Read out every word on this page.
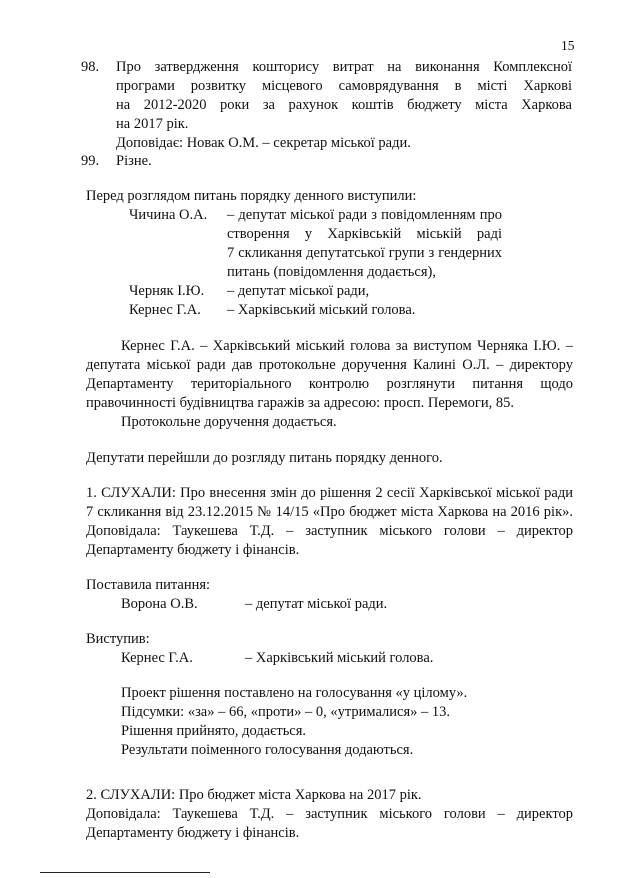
15
98. Про затвердження кошторису витрат на виконання Комплексної
програми розвитку місцевого самоврядування в місті Харкові
на 2012-2020 роки за рахунок коштів бюджету міста Харкова
на 2017 рік.
Доповідає: Новак О.М. – секретар міської ради.
99. Різне.
Перед розглядом питань порядку денного виступили:
Чичина О.А. – депутат міської ради з повідомленням про
створення у Харківській міській раді
7 скликання депутатської групи з гендерних
питань (повідомлення додається),
Черняк І.Ю. – депутат міської ради,
Кернес Г.А. – Харківський міський голова.
Кернес Г.А. – Харківський міський голова за виступом Черняка І.Ю. –
депутата міської ради дав протокольне доручення Калині О.Л. – директору
Департаменту територіального контролю розглянути питання щодо
правочинності будівництва гаражів за адресою: просп. Перемоги, 85.
Протокольне доручення додається.
Депутати перейшли до розгляду питань порядку денного.
1. СЛУХАЛИ: Про внесення змін до рішення 2 сесії Харківської міської ради
7 скликання від 23.12.2015 № 14/15 «Про бюджет міста Харкова на 2016 рік».
Доповідала: Таукешева Т.Д. – заступник міського голови – директор
Департаменту бюджету і фінансів.
Поставила питання:
Ворона О.В.	– депутат міської ради.
Виступив:
Кернес Г.А.	– Харківський міський голова.
Проект рішення поставлено на голосування «у цілому».
Підсумки: «за» – 66, «проти» – 0, «утрималися» – 13.
Рішення прийнято, додається.
Результати поіменного голосування додаються.
2. СЛУХАЛИ: Про бюджет міста Харкова на 2017 рік.
Доповідала: Таукешева Т.Д. – заступник міського голови – директор
Департаменту бюджету і фінансів.
